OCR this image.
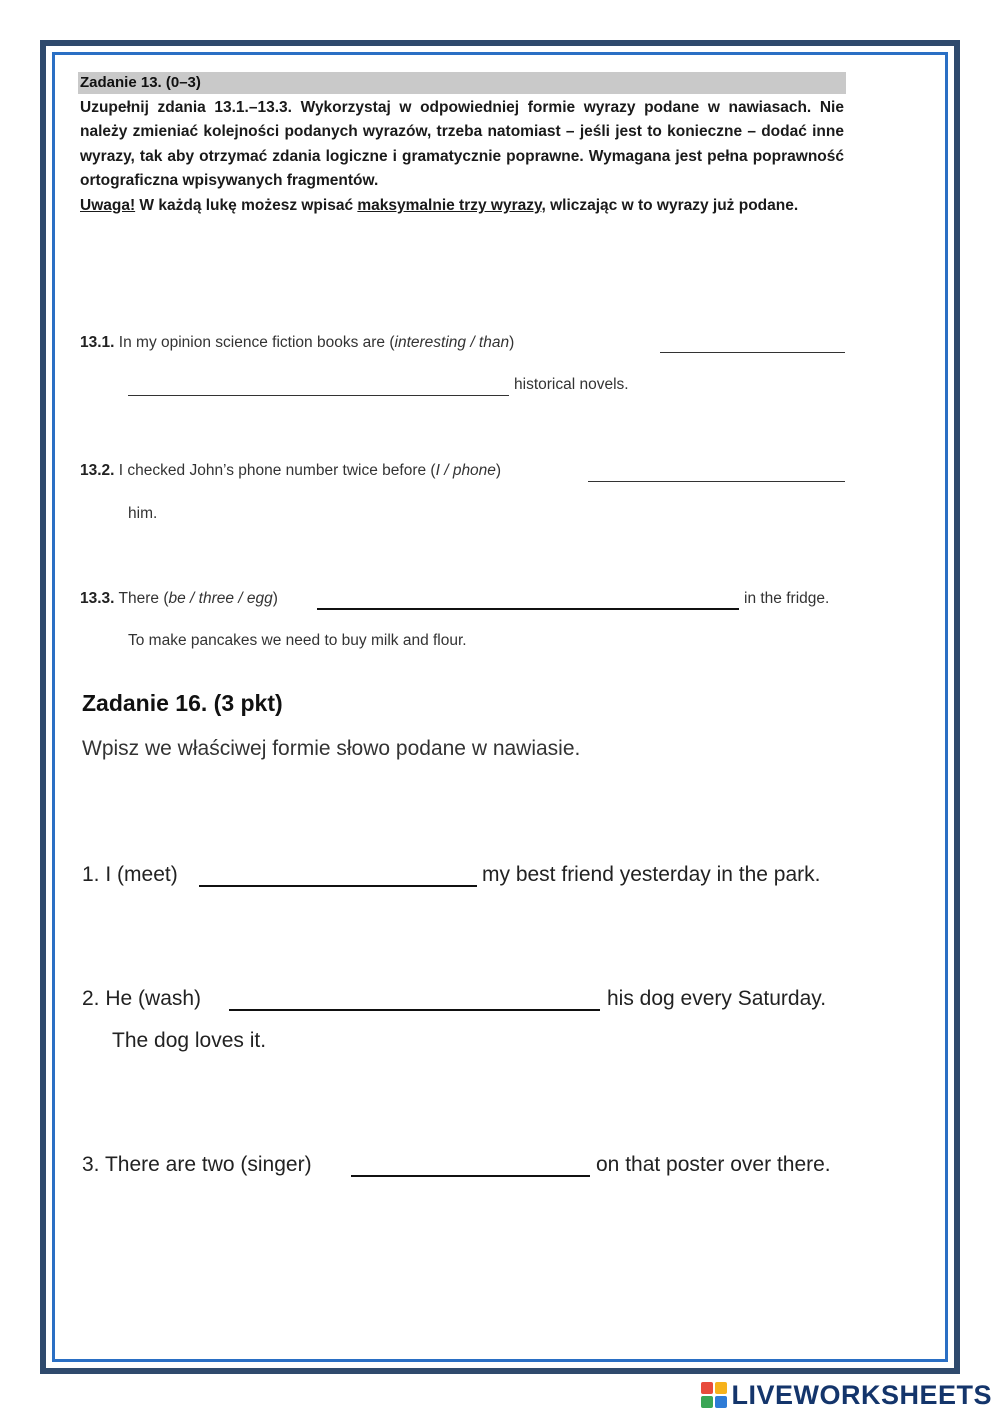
Zadanie 13. (0–3)
Uzupełnij zdania 13.1.–13.3. Wykorzystaj w odpowiedniej formie wyrazy podane w nawiasach. Nie należy zmieniać kolejności podanych wyrazów, trzeba natomiast – jeśli jest to konieczne – dodać inne wyrazy, tak aby otrzymać zdania logiczne i gramatycznie poprawne. Wymagana jest pełna poprawność ortograficzna wpisywanych fragmentów.
Uwaga! W każdą lukę możesz wpisać maksymalnie trzy wyrazy, wliczając w to wyrazy już podane.
13.1. In my opinion science fiction books are (interesting / than)
historical novels.
13.2. I checked John’s phone number twice before (I / phone)
him.
13.3. There (be / three / egg)	in the fridge.
To make pancakes we need to buy milk and flour.
Zadanie 16. (3 pkt)
Wpisz we właściwej formie słowo podane w nawiasie.
1. I (meet)	my best friend yesterday in the park.
2. He (wash)	his dog every Saturday.
The dog loves it.
3. There are two (singer)	on that poster over there.
LIVEWORKSHEETS
